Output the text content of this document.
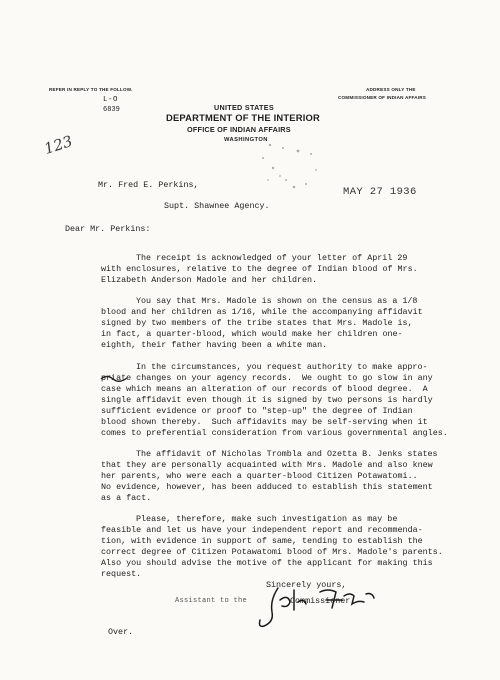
REFER IN REPLY TO THE FOLLOW.
L-O
6839
ADDRESS ONLY THE
COMMISSIONER OF INDIAN AFFAIRS
UNITED STATES
DEPARTMENT OF THE INTERIOR
OFFICE OF INDIAN AFFAIRS
WASHINGTON
123
Mr. Fred E. Perkins,
Supt. Shawnee Agency.
MAY 27 1936
Dear Mr. Perkins:
The receipt is acknowledged of your letter of April 29
with enclosures, relative to the degree of Indian blood of Mrs.
Elizabeth Anderson Madole and her children.
You say that Mrs. Madole is shown on the census as a 1/8
blood and her children as 1/16, while the accompanying affidavit
signed by two members of the tribe states that Mrs. Madole is,
in fact, a quarter-blood, which would make her children one-
eighth, their father having been a white man.
In the circumstances, you request authority to make appro-
priate changes on your agency records.  We ought to go slow in any
case which means an alteration of our records of blood degree.  A
single affidavit even though it is signed by two persons is hardly
sufficient evidence or proof to "step-up" the degree of Indian
blood shown thereby.  Such affidavits may be self-serving when it
comes to preferential consideration from various governmental angles.
The affidavit of Nicholas Trombla and Ozetta B. Jenks states
that they are personally acquainted with Mrs. Madole and also knew
her parents, who were each a quarter-blood Citizen Potawatomi..
No evidence, however, has been adduced to establish this statement
as a fact.
Please, therefore, make such investigation as may be
feasible and let us have your independent report and recommenda-
tion, with evidence in support of same, tending to establish the
correct degree of Citizen Potawatomi blood of Mrs. Madole's parents.
Also you should advise the motive of the applicant for making this
request.
Sincerely yours,
Assistant to the	Commissioner.
Over.
